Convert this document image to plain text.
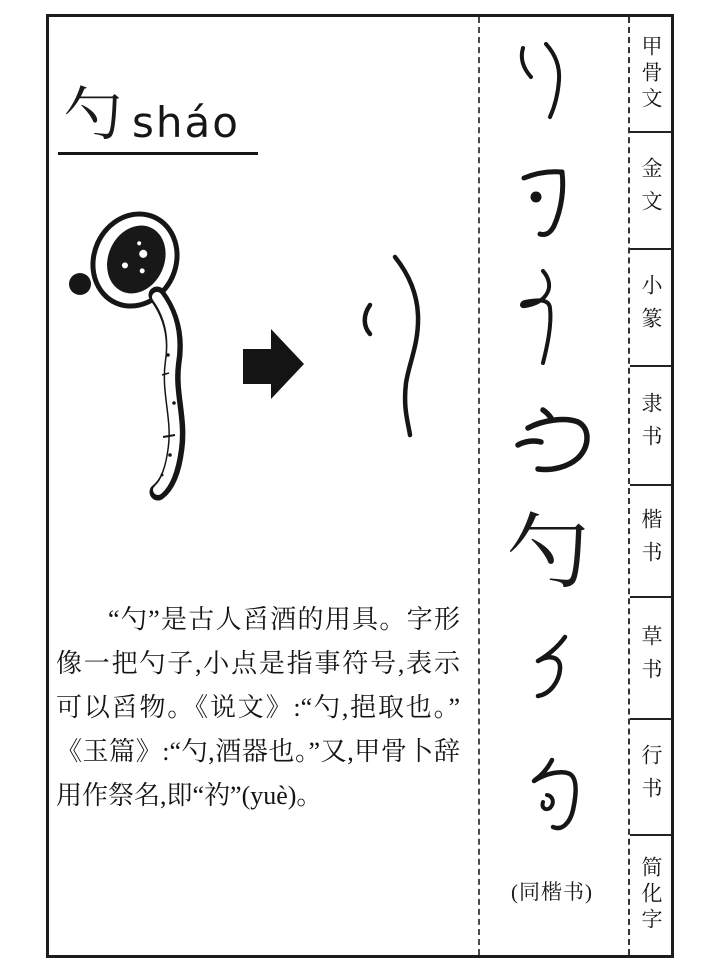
勺 sháo
“勺”是古人舀酒的用具。字形
像一把勺子,小点是指事符号,表示
可以舀物。《说文》:“勺,挹取也。”
《玉篇》:“勺,酒器也。”又,甲骨卜辞
用作祭名,即“礿”(yuè)。
勺
(同楷书)
甲骨文
金文
小篆
隶书
楷书
草书
行书
简化字
